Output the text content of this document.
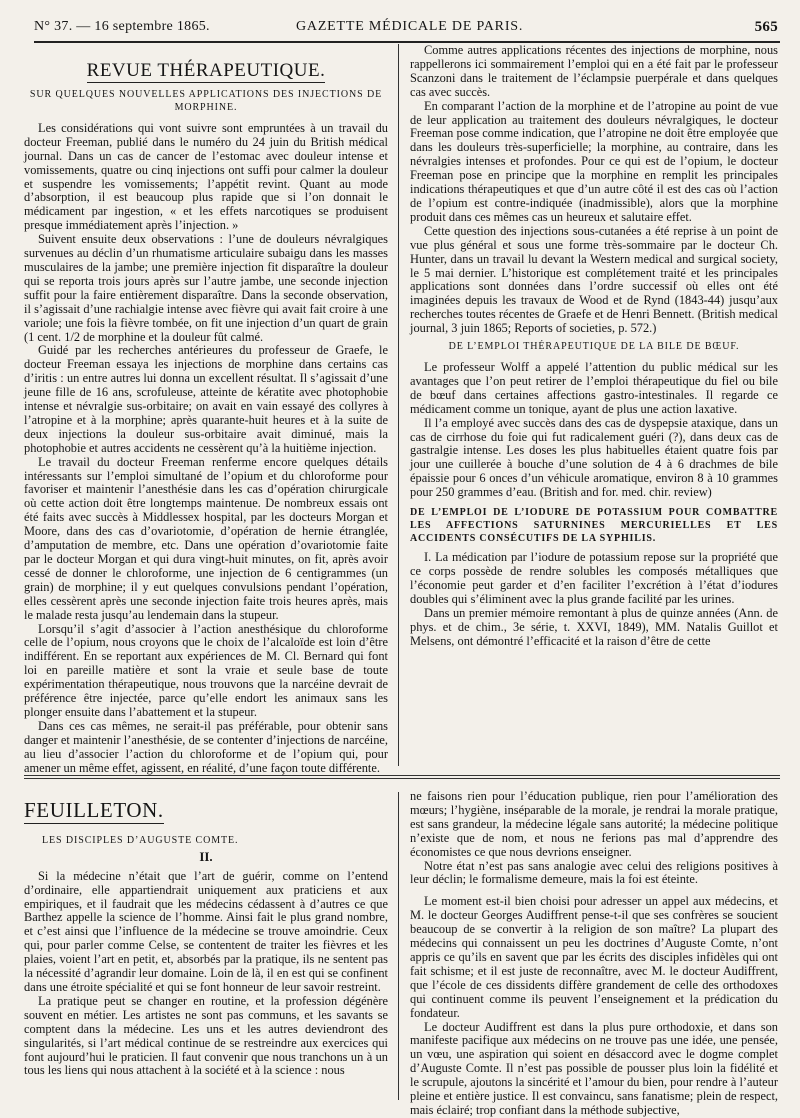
N° 37. — 16 septembre 1865.	GAZETTE MÉDICALE DE PARIS.	565
REVUE THÉRAPEUTIQUE.
SUR QUELQUES NOUVELLES APPLICATIONS DES INJECTIONS DE MORPHINE.

Les considérations qui vont suivre sont empruntées à un travail du docteur Freeman, publié dans le numéro du 24 juin du British médical journal. Dans un cas de cancer de l’estomac avec douleur intense et vomissements, quatre ou cinq injections ont suffi pour calmer la douleur et suspendre les vomissements; l’appétit revint. Quant au mode d’absorption, il est beaucoup plus rapide que si l’on donnait le médicament par ingestion, « et les effets narcotiques se produisent presque immédiatement après l’injection. »

Suivent ensuite deux observations : l’une de douleurs névralgiques survenues au déclin d’un rhumatisme articulaire subaigu dans les masses musculaires de la jambe; une première injection fit disparaître la douleur qui se reporta trois jours après sur l’autre jambe, une seconde injection suffit pour la faire entièrement disparaître. Dans la seconde observation, il s’agissait d’une rachialgie intense avec fièvre qui avait fait croire à une variole; une fois la fièvre tombée, on fit une injection d’un quart de grain (1 cent. 1/2 de morphine et la douleur fût calmé.

Guidé par les recherches antérieures du professeur de Graefe, le docteur Freeman essaya les injections de morphine dans certains cas d’iritis : un entre autres lui donna un excellent résultat. Il s’agissait d’une jeune fille de 16 ans, scrofuleuse, atteinte de kératite avec photophobie intense et névralgie sus-orbitaire; on avait en vain essayé des collyres à l’atropine et à la morphine; après quarante-huit heures et à la suite de deux injections la douleur sus-orbitaire avait diminué, mais la photophobie et autres accidents ne cessèrent qu’à la huitième injection.

Le travail du docteur Freeman renferme encore quelques détails intéressants sur l’emploi simultané de l’opium et du chloroforme pour favoriser et maintenir l’anesthésie dans les cas d’opération chirurgicale où cette action doit être longtemps maintenue. De nombreux essais ont été faits avec succès à Middlessex hospital, par les docteurs Morgan et Moore, dans des cas d’ovariotomie, d’opération de hernie étranglée, d’amputation de membre, etc. Dans une opération d’ovariotomie faite par le docteur Morgan et qui dura vingt-huit minutes, on fit, après avoir cessé de donner le chloroforme, une injection de 6 centigrammes (un grain) de morphine; il y eut quelques convulsions pendant l’opération, elles cessèrent après une seconde injection faite trois heures après, mais le malade resta jusqu’au lendemain dans la stupeur.

Lorsqu’il s’agit d’associer à l’action anesthésique du chloroforme celle de l’opium, nous croyons que le choix de l’alcaloïde est loin d’être indifférent. En se reportant aux expériences de M. Cl. Bernard qui font loi en pareille matière et sont la vraie et seule base de toute expérimentation thérapeutique, nous trouvons que la narcéine devrait de préférence être injectée, parce qu’elle endort les animaux sans les plonger ensuite dans l’abattement et la stupeur.

Dans ces cas mêmes, ne serait-il pas préférable, pour obtenir sans danger et maintenir l’anesthésie, de se contenter d’injections de narcéine, au lieu d’associer l’action du chloroforme et de l’opium qui, pour amener un même effet, agissent, en réalité, d’une façon toute différente.

Comme autres applications récentes des injections de morphine, nous rappellerons ici sommairement l’emploi qui en a été fait par le professeur Scanzoni dans le traitement de l’éclampsie puerpérale et dans quelques cas avec succès.

En comparant l’action de la morphine et de l’atropine au point de vue de leur application au traitement des douleurs névralgiques, le docteur Freeman pose comme indication, que l’atropine ne doit être employée que dans les douleurs très-superficielle; la morphine, au contraire, dans les névralgies intenses et profondes. Pour ce qui est de l’opium, le docteur Freeman pose en principe que la morphine en remplit les principales indications thérapeutiques et que d’un autre côté il est des cas où l’action de l’opium est contre-indiquée (inadmissible), alors que la morphine produit dans ces mêmes cas un heureux et salutaire effet.

Cette question des injections sous-cutanées a été reprise à un point de vue plus général et sous une forme très-sommaire par le docteur Ch. Hunter, dans un travail lu devant la Western medical and surgical society, le 5 mai dernier. L’historique est complétement traité et les principales applications sont données dans l’ordre successif où elles ont été imaginées depuis les travaux de Wood et de Rynd (1843-44) jusqu’aux recherches toutes récentes de Graefe et de Henri Bennett. (British medical journal, 3 juin 1865; Reports of societies, p. 572.)

DE L’EMPLOI THÉRAPEUTIQUE DE LA BILE DE BŒUF.

Le professeur Wolff a appelé l’attention du public médical sur les avantages que l’on peut retirer de l’emploi thérapeutique du fiel ou bile de bœuf dans certaines affections gastro-intestinales. Il regarde ce médicament comme un tonique, ayant de plus une action laxative.

Il l’a employé avec succès dans des cas de dyspepsie ataxique, dans un cas de cirrhose du foie qui fut radicalement guéri (?), dans deux cas de gastralgie intense. Les doses les plus habituelles étaient quatre fois par jour une cuillerée à bouche d’une solution de 4 à 6 drachmes de bile épaissie pour 6 onces d’un véhicule aromatique, environ 8 à 10 grammes pour 250 grammes d’eau. (British and for. med. chir. review)

DE L’EMPLOI DE L’IODURE DE POTASSIUM POUR COMBATTRE LES AFFECTIONS SATURNINES MERCURIELLES ET LES ACCIDENTS CONSÉCUTIFS DE LA SYPHILIS.

I. La médication par l’iodure de potassium repose sur la propriété que ce corps possède de rendre solubles les composés métalliques que l’économie peut garder et d’en faciliter l’excrétion à l’état d’iodures doubles qui s’éliminent avec la plus grande facilité par les urines.

Dans un premier mémoire remontant à plus de quinze années (Ann. de phys. et de chim., 3e série, t. XXVI, 1849), MM. Natalis Guillot et Melsens, ont démontré l’efficacité et la raison d’être de cette

FEUILLETON.
LES DISCIPLES D’AUGUSTE COMTE.
II.

Si la médecine n’était que l’art de guérir, comme on l’entend d’ordinaire, elle appartiendrait uniquement aux praticiens et aux empiriques, et il faudrait que les médecins cédassent à d’autres ce que Barthez appelle la science de l’homme. Ainsi fait le plus grand nombre, et c’est ainsi que l’influence de la médecine se trouve amoindrie. Ceux qui, pour parler comme Celse, se contentent de traiter les fièvres et les plaies, voient l’art en petit, et, absorbés par la pratique, ils ne sentent pas la nécessité d’agrandir leur domaine. Loin de là, il en est qui se confinent dans une étroite spécialité et qui se font honneur de leur savoir restreint.

La pratique peut se changer en routine, et la profession dégénère souvent en métier. Les artistes ne sont pas communs, et les savants se comptent dans la médecine. Les uns et les autres deviendront des singularités, si l’art médical continue de se restreindre aux exercices qui font aujourd’hui le praticien. Il faut convenir que nous tranchons un à un tous les liens qui nous attachent à la société et à la science : nous

ne faisons rien pour l’éducation publique, rien pour l’amélioration des mœurs; l’hygiène, inséparable de la morale, je rendrai la morale pratique, est sans grandeur, la médecine légale sans autorité; la médecine politique n’existe que de nom, et nous ne ferions pas mal d’apprendre des économistes ce que nous devrions enseigner.

Notre état n’est pas sans analogie avec celui des religions positives à leur déclin; le formalisme demeure, mais la foi est éteinte.

Le moment est-il bien choisi pour adresser un appel aux médecins, et M. le docteur Georges Audiffrent pense-t-il que ses confrères se soucient beaucoup de se convertir à la religion de son maître? La plupart des médecins qui connaissent un peu les doctrines d’Auguste Comte, n’ont appris ce qu’ils en savent que par les écrits des disciples infidèles qui ont fait schisme; et il est juste de reconnaître, avec M. le docteur Audiffrent, que l’école de ces dissidents diffère grandement de celle des orthodoxes qui continuent comme ils peuvent l’enseignement et la prédication du fondateur.

Le docteur Audiffrent est dans la plus pure orthodoxie, et dans son manifeste pacifique aux médecins on ne trouve pas une idée, une pensée, un vœu, une aspiration qui soient en désaccord avec le dogme complet d’Auguste Comte. Il n’est pas possible de pousser plus loin la fidélité et le scrupule, ajoutons la sincérité et l’amour du bien, pour rendre à l’auteur pleine et entière justice. Il est convaincu, sans fanatisme; plein de respect, mais éclairé; trop confiant dans la méthode subjective,
